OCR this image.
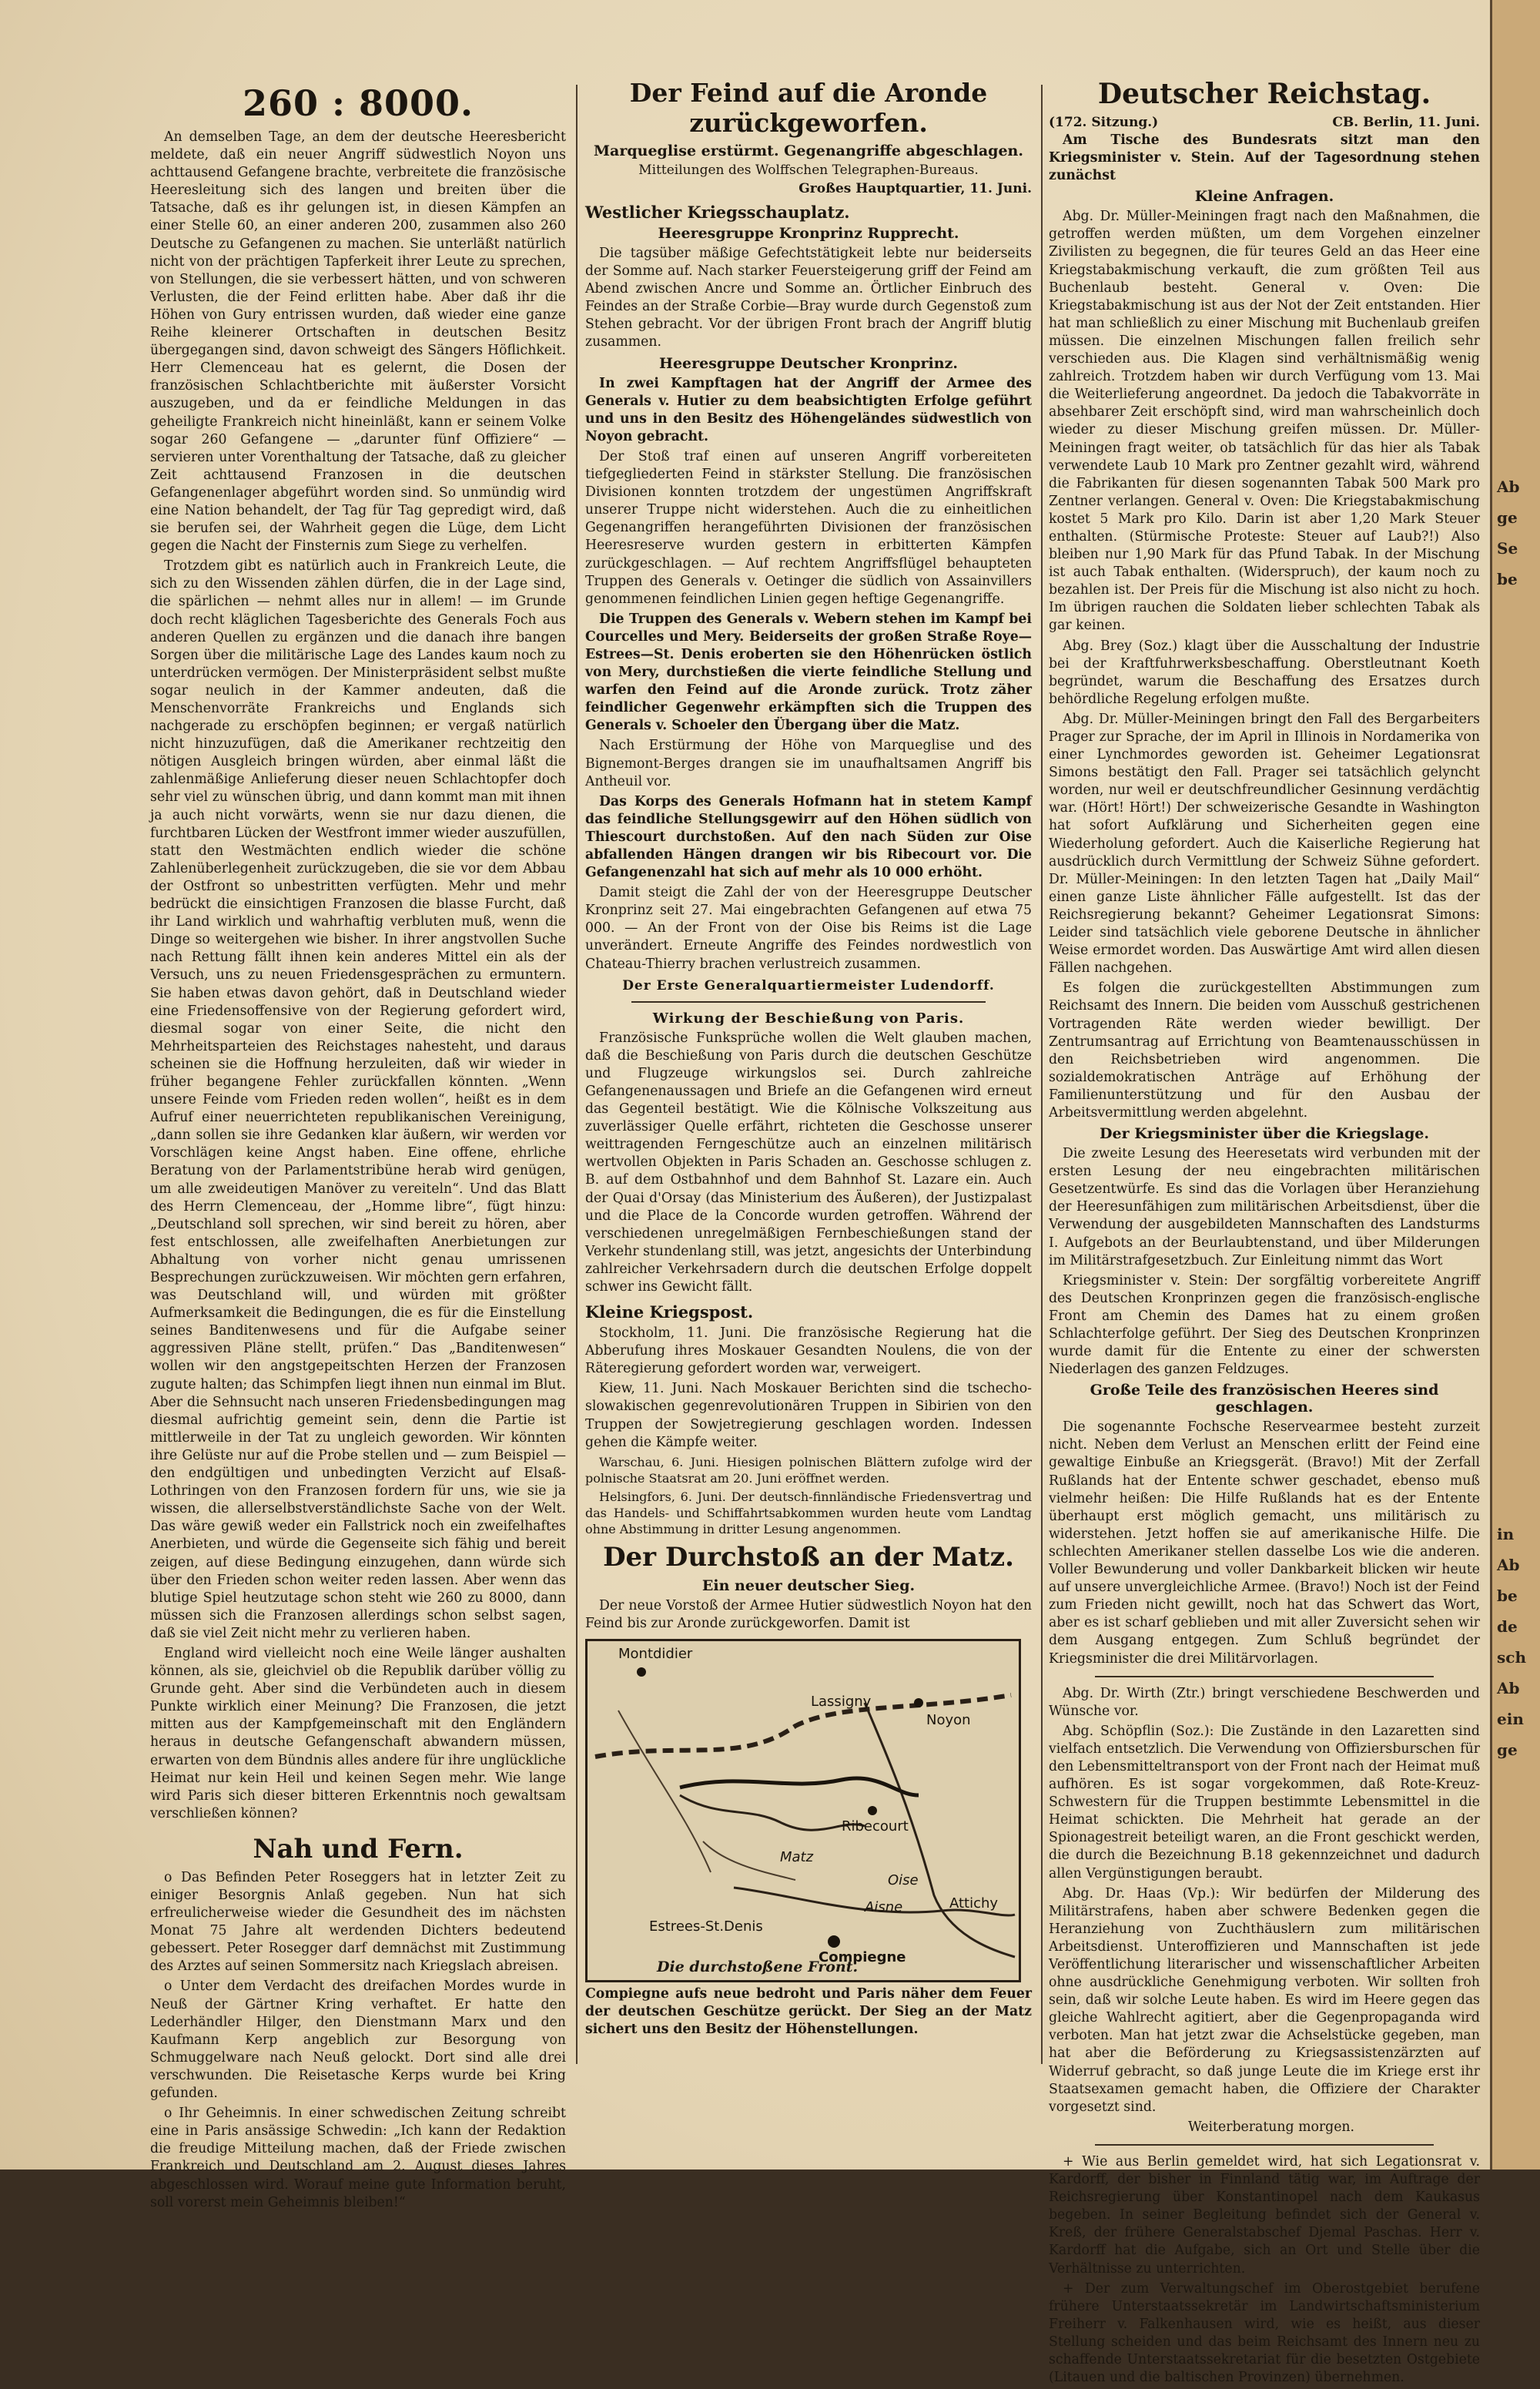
260 : 8000.

An demselben Tage, an dem der deutsche Heeresbericht meldete, daß ein neuer Angriff südwestlich Noyon uns achttausend Gefangene brachte, verbreitete die französische Heeresleitung sich des langen und breiten über die Tatsache, daß es ihr gelungen ist, in diesen Kämpfen an einer Stelle 60, an einer anderen 200, zusammen also 260 Deutsche zu Gefangenen zu machen. Sie unterläßt natürlich nicht von der prächtigen Tapferkeit ihrer Leute zu sprechen, von Stellungen, die sie verbessert hätten, und von schweren Verlusten, die der Feind erlitten habe. Aber daß ihr die Höhen von Gury entrissen wurden, daß wieder eine ganze Reihe kleinerer Ortschaften in deutschen Besitz übergegangen sind, davon schweigt des Sängers Höflichkeit. Herr Clemenceau hat es gelernt, die Dosen der französischen Schlachtberichte mit äußerster Vorsicht auszugeben, und da er feindliche Meldungen in das geheiligte Frankreich nicht hineinläßt, kann er seinem Volke sogar 260 Gefangene — „darunter fünf Offiziere“ — servieren unter Vorenthaltung der Tatsache, daß zu gleicher Zeit achttausend Franzosen in die deutschen Gefangenenlager abgeführt worden sind. So unmündig wird eine Nation behandelt, der Tag für Tag gepredigt wird, daß sie berufen sei, der Wahrheit gegen die Lüge, dem Licht gegen die Nacht der Finsternis zum Siege zu verhelfen.

Trotzdem gibt es natürlich auch in Frankreich Leute, die sich zu den Wissenden zählen dürfen, die in der Lage sind, die spärlichen — nehmt alles nur in allem! — im Grunde doch recht kläglichen Tagesberichte des Generals Foch aus anderen Quellen zu ergänzen und die danach ihre bangen Sorgen über die militärische Lage des Landes kaum noch zu unterdrücken vermögen. Der Ministerpräsident selbst mußte sogar neulich in der Kammer andeuten, daß die Menschenvorräte Frankreichs und Englands sich nachgerade zu erschöpfen beginnen; er vergaß natürlich nicht hinzuzufügen, daß die Amerikaner rechtzeitig den nötigen Ausgleich bringen würden, aber einmal läßt die zahlenmäßige Anlieferung dieser neuen Schlachtopfer doch sehr viel zu wünschen übrig, und dann kommt man mit ihnen ja auch nicht vorwärts, wenn sie nur dazu dienen, die furchtbaren Lücken der Westfront immer wieder auszufüllen, statt den Westmächten endlich wieder die schöne Zahlenüberlegenheit zurückzugeben, die sie vor dem Abbau der Ostfront so unbestritten verfügten. Mehr und mehr bedrückt die einsichtigen Franzosen die blasse Furcht, daß ihr Land wirklich und wahrhaftig verbluten muß, wenn die Dinge so weitergehen wie bisher. In ihrer angstvollen Suche nach Rettung fällt ihnen kein anderes Mittel ein als der Versuch, uns zu neuen Friedensgesprächen zu ermuntern. Sie haben etwas davon gehört, daß in Deutschland wieder eine Friedensoffensive von der Regierung gefordert wird, diesmal sogar von einer Seite, die nicht den Mehrheitsparteien des Reichstages nahesteht, und daraus scheinen sie die Hoffnung herzuleiten, daß wir wieder in früher begangene Fehler zurückfallen könnten. „Wenn unsere Feinde vom Frieden reden wollen“, heißt es in dem Aufruf einer neuerrichteten republikanischen Vereinigung, „dann sollen sie ihre Gedanken klar äußern, wir werden vor Vorschlägen keine Angst haben. Eine offene, ehrliche Beratung von der Parlamentstribüne herab wird genügen, um alle zweideutigen Manöver zu vereiteln“. Und das Blatt des Herrn Clemenceau, der „Homme libre“, fügt hinzu: „Deutschland soll sprechen, wir sind bereit zu hören, aber fest entschlossen, alle zweifelhaften Anerbietungen zur Abhaltung von vorher nicht genau umrissenen Besprechungen zurückzuweisen. Wir möchten gern erfahren, was Deutschland will, und würden mit größter Aufmerksamkeit die Bedingungen, die es für die Einstellung seines Banditenwesens und für die Aufgabe seiner aggressiven Pläne stellt, prüfen.“ Das „Banditenwesen“ wollen wir den angstgepeitschten Herzen der Franzosen zugute halten; das Schimpfen liegt ihnen nun einmal im Blut. Aber die Sehnsucht nach unseren Friedensbedingungen mag diesmal aufrichtig gemeint sein, denn die Partie ist mittlerweile in der Tat zu ungleich geworden. Wir könnten ihre Gelüste nur auf die Probe stellen und — zum Beispiel — den endgültigen und unbedingten Verzicht auf Elsaß-Lothringen von den Franzosen fordern für uns, wie sie ja wissen, die allerselbstverständlichste Sache von der Welt. Das wäre gewiß weder ein Fallstrick noch ein zweifelhaftes Anerbieten, und würde die Gegenseite sich fähig und bereit zeigen, auf diese Bedingung einzugehen, dann würde sich über den Frieden schon weiter reden lassen. Aber wenn das blutige Spiel heutzutage schon steht wie 260 zu 8000, dann müssen sich die Franzosen allerdings schon selbst sagen, daß sie viel Zeit nicht mehr zu verlieren haben.

England wird vielleicht noch eine Weile länger aushalten können, als sie, gleichviel ob die Republik darüber völlig zu Grunde geht. Aber sind die Verbündeten auch in diesem Punkte wirklich einer Meinung? Die Franzosen, die jetzt mitten aus der Kampfgemeinschaft mit den Engländern heraus in deutsche Gefangenschaft abwandern müssen, erwarten von dem Bündnis alles andere für ihre unglückliche Heimat nur kein Heil und keinen Segen mehr. Wie lange wird Paris sich dieser bitteren Erkenntnis noch gewaltsam verschließen können?

Nah und Fern.

o Das Befinden Peter Roseggers hat in letzter Zeit zu einiger Besorgnis Anlaß gegeben. Nun hat sich erfreulicherweise wieder die Gesundheit des im nächsten Monat 75 Jahre alt werdenden Dichters bedeutend gebessert. Peter Rosegger darf demnächst mit Zustimmung des Arztes auf seinen Sommersitz nach Kriegslach abreisen.

o Unter dem Verdacht des dreifachen Mordes wurde in Neuß der Gärtner Kring verhaftet. Er hatte den Lederhändler Hilger, den Dienstmann Marx und den Kaufmann Kerp angeblich zur Besorgung von Schmuggelware nach Neuß gelockt. Dort sind alle drei verschwunden. Die Reisetasche Kerps wurde bei Kring gefunden.

o Ihr Geheimnis. In einer schwedischen Zeitung schreibt eine in Paris ansässige Schwedin: „Ich kann der Redaktion die freudige Mitteilung machen, daß der Friede zwischen Frankreich und Deutschland am 2. August dieses Jahres abgeschlossen wird. Worauf meine gute Information beruht, soll vorerst mein Geheimnis bleiben!“

Der Feind auf die Aronde zurückgeworfen.
Marqueglise erstürmt. Gegenangriffe abgeschlagen.
Mitteilungen des Wolffschen Telegraphen-Bureaus.
Großes Hauptquartier, 11. Juni.
Westlicher Kriegsschauplatz.
Heeresgruppe Kronprinz Rupprecht.

Die tagsüber mäßige Gefechtstätigkeit lebte nur beiderseits der Somme auf. Nach starker Feuersteigerung griff der Feind am Abend zwischen Ancre und Somme an. Örtlicher Einbruch des Feindes an der Straße Corbie—Bray wurde durch Gegenstoß zum Stehen gebracht. Vor der übrigen Front brach der Angriff blutig zusammen.

Heeresgruppe Deutscher Kronprinz.

In zwei Kampftagen hat der Angriff der Armee des Generals v. Hutier zu dem beabsichtigten Erfolge geführt und uns in den Besitz des Höhengeländes südwestlich von Noyon gebracht.

Der Stoß traf einen auf unseren Angriff vorbereiteten tiefgegliederten Feind in stärkster Stellung. Die französischen Divisionen konnten trotzdem der ungestümen Angriffskraft unserer Truppe nicht widerstehen. Auch die zu einheitlichen Gegenangriffen herangeführten Divisionen der französischen Heeresreserve wurden gestern in erbitterten Kämpfen zurückgeschlagen. — Auf rechtem Angriffsflügel behaupteten Truppen des Generals v. Oetinger die südlich von Assainvillers genommenen feindlichen Linien gegen heftige Gegenangriffe.

Die Truppen des Generals v. Webern stehen im Kampf bei Courcelles und Mery. Beiderseits der großen Straße Roye—Estrees—St. Denis eroberten sie den Höhenrücken östlich von Mery, durchstießen die vierte feindliche Stellung und warfen den Feind auf die Aronde zurück. Trotz zäher feindlicher Gegenwehr erkämpften sich die Truppen des Generals v. Schoeler den Übergang über die Matz.

Nach Erstürmung der Höhe von Marqueglise und des Bignemont-Berges drangen sie im unaufhaltsamen Angriff bis Antheuil vor.

Das Korps des Generals Hofmann hat in stetem Kampf das feindliche Stellungsgewirr auf den Höhen südlich von Thiescourt durchstoßen. Auf den nach Süden zur Oise abfallenden Hängen drangen wir bis Ribecourt vor. Die Gefangenenzahl hat sich auf mehr als 10 000 erhöht.

Damit steigt die Zahl der von der Heeresgruppe Deutscher Kronprinz seit 27. Mai eingebrachten Gefangenen auf etwa 75 000. — An der Front von der Oise bis Reims ist die Lage unverändert. Erneute Angriffe des Feindes nordwestlich von Chateau-Thierry brachen verlustreich zusammen.

Der Erste Generalquartiermeister Ludendorff.
Wirkung der Beschießung von Paris.

Französische Funksprüche wollen die Welt glauben machen, daß die Beschießung von Paris durch die deutschen Geschütze und Flugzeuge wirkungslos sei. Durch zahlreiche Gefangenenaussagen und Briefe an die Gefangenen wird erneut das Gegenteil bestätigt. Wie die Kölnische Volkszeitung aus zuverlässiger Quelle erfährt, richteten die Geschosse unserer weittragenden Ferngeschütze auch an einzelnen militärisch wertvollen Objekten in Paris Schaden an. Geschosse schlugen z. B. auf dem Ostbahnhof und dem Bahnhof St. Lazare ein. Auch der Quai d'Orsay (das Ministerium des Äußeren), der Justizpalast und die Place de la Concorde wurden getroffen. Während der verschiedenen unregelmäßigen Fernbeschießungen stand der Verkehr stundenlang still, was jetzt, angesichts der Unterbindung zahlreicher Verkehrsadern durch die deutschen Erfolge doppelt schwer ins Gewicht fällt.

Kleine Kriegspost.

Stockholm, 11. Juni. Die französische Regierung hat die Abberufung ihres Moskauer Gesandten Noulens, die von der Räteregierung gefordert worden war, verweigert.

Kiew, 11. Juni. Nach Moskauer Berichten sind die tschecho-slowakischen gegenrevolutionären Truppen in Sibirien von den Truppen der Sowjetregierung geschlagen worden. Indessen gehen die Kämpfe weiter.

Warschau, 6. Juni. Hiesigen polnischen Blättern zufolge wird der polnische Staatsrat am 20. Juni eröffnet werden.

Helsingfors, 6. Juni. Der deutsch-finnländische Friedensvertrag und das Handels- und Schiffahrtsabkommen wurden heute vom Landtag ohne Abstimmung in dritter Lesung angenommen.

Der Durchstoß an der Matz.
Ein neuer deutscher Sieg.

Der neue Vorstoß der Armee Hutier südwestlich Noyon hat den Feind bis zur Aronde zurückgeworfen. Damit ist

Montdidier
Lassigny
Noyon
Ribecourt
Matz
Oise
Aisne	Attichy
Compiegne
Estrees-St.Denis
Die durchstoßene Front.

Compiegne aufs neue bedroht und Paris näher dem Feuer der deutschen Geschütze gerückt. Der Sieg an der Matz sichert uns den Besitz der Höhenstellungen.

Deutscher Reichstag.
(172. Sitzung.)	CB. Berlin, 11. Juni.

Am Tische des Bundesrats sitzt man den Kriegsminister v. Stein. Auf der Tagesordnung stehen zunächst

Kleine Anfragen.

Abg. Dr. Müller-Meiningen fragt nach den Maßnahmen, die getroffen werden müßten, um dem Vorgehen einzelner Zivilisten zu begegnen, die für teures Geld an das Heer eine Kriegstabakmischung verkauft, die zum größten Teil aus Buchenlaub besteht. General v. Oven: Die Kriegstabakmischung ist aus der Not der Zeit entstanden. Hier hat man schließlich zu einer Mischung mit Buchenlaub greifen müssen. Die einzelnen Mischungen fallen freilich sehr verschieden aus. Die Klagen sind verhältnismäßig wenig zahlreich. Trotzdem haben wir durch Verfügung vom 13. Mai die Weiterlieferung angeordnet. Da jedoch die Tabakvorräte in absehbarer Zeit erschöpft sind, wird man wahrscheinlich doch wieder zu dieser Mischung greifen müssen. Dr. Müller-Meiningen fragt weiter, ob tatsächlich für das hier als Tabak verwendete Laub 10 Mark pro Zentner gezahlt wird, während die Fabrikanten für diesen sogenannten Tabak 500 Mark pro Zentner verlangen. General v. Oven: Die Kriegstabakmischung kostet 5 Mark pro Kilo. Darin ist aber 1,20 Mark Steuer enthalten. (Stürmische Proteste: Steuer auf Laub?!) Also bleiben nur 1,90 Mark für das Pfund Tabak. In der Mischung ist auch Tabak enthalten. (Widerspruch), der kaum noch zu bezahlen ist. Der Preis für die Mischung ist also nicht zu hoch. Im übrigen rauchen die Soldaten lieber schlechten Tabak als gar keinen.

Abg. Brey (Soz.) klagt über die Ausschaltung der Industrie bei der Kraftfuhrwerksbeschaffung. Oberstleutnant Koeth begründet, warum die Beschaffung des Ersatzes durch behördliche Regelung erfolgen mußte.

Abg. Dr. Müller-Meiningen bringt den Fall des Bergarbeiters Prager zur Sprache, der im April in Illinois in Nordamerika von einer Lynchmordes geworden ist. Geheimer Legationsrat Simons bestätigt den Fall. Prager sei tatsächlich gelyncht worden, nur weil er deutschfreundlicher Gesinnung verdächtig war. (Hört! Hört!) Der schweizerische Gesandte in Washington hat sofort Aufklärung und Sicherheiten gegen eine Wiederholung gefordert. Auch die Kaiserliche Regierung hat ausdrücklich durch Vermittlung der Schweiz Sühne gefordert. Dr. Müller-Meiningen: In den letzten Tagen hat „Daily Mail“ einen ganze Liste ähnlicher Fälle aufgestellt. Ist das der Reichsregierung bekannt? Geheimer Legationsrat Simons: Leider sind tatsächlich viele geborene Deutsche in ähnlicher Weise ermordet worden. Das Auswärtige Amt wird allen diesen Fällen nachgehen.

Es folgen die zurückgestellten Abstimmungen zum Reichsamt des Innern. Die beiden vom Ausschuß gestrichenen Vortragenden Räte werden wieder bewilligt. Der Zentrumsantrag auf Errichtung von Beamtenausschüssen in den Reichsbetrieben wird angenommen. Die sozialdemokratischen Anträge auf Erhöhung der Familienunterstützung und für den Ausbau der Arbeitsvermittlung werden abgelehnt.

Der Kriegsminister über die Kriegslage.

Die zweite Lesung des Heeresetats wird verbunden mit der ersten Lesung der neu eingebrachten militärischen Gesetzentwürfe. Es sind das die Vorlagen über Heranziehung der Heeresunfähigen zum militärischen Arbeitsdienst, über die Verwendung der ausgebildeten Mannschaften des Landsturms I. Aufgebots an der Beurlaubtenstand, und über Milderungen im Militärstrafgesetzbuch. Zur Einleitung nimmt das Wort

Kriegsminister v. Stein: Der sorgfältig vorbereitete Angriff des Deutschen Kronprinzen gegen die französisch-englische Front am Chemin des Dames hat zu einem großen Schlachterfolge geführt. Der Sieg des Deutschen Kronprinzen wurde damit für die Entente zu einer der schwersten Niederlagen des ganzen Feldzuges.

Große Teile des französischen Heeres sind geschlagen.

Die sogenannte Fochsche Reservearmee besteht zurzeit nicht. Neben dem Verlust an Menschen erlitt der Feind eine gewaltige Einbuße an Kriegsgerät. (Bravo!) Mit der Zerfall Rußlands hat der Entente schwer geschadet, ebenso muß vielmehr heißen: Die Hilfe Rußlands hat es der Entente überhaupt erst möglich gemacht, uns militärisch zu widerstehen. Jetzt hoffen sie auf amerikanische Hilfe. Die schlechten Amerikaner stellen dasselbe Los wie die anderen. Voller Bewunderung und voller Dankbarkeit blicken wir heute auf unsere unvergleichliche Armee. (Bravo!) Noch ist der Feind zum Frieden nicht gewillt, noch hat das Schwert das Wort, aber es ist scharf geblieben und mit aller Zuversicht sehen wir dem Ausgang entgegen. Zum Schluß begründet der Kriegsminister die drei Militärvorlagen.

Abg. Dr. Wirth (Ztr.) bringt verschiedene Beschwerden und Wünsche vor.

Abg. Schöpflin (Soz.): Die Zustände in den Lazaretten sind vielfach entsetzlich. Die Verwendung von Offiziersburschen für den Lebensmitteltransport von der Front nach der Heimat muß aufhören. Es ist sogar vorgekommen, daß Rote-Kreuz-Schwestern für die Truppen bestimmte Lebensmittel in die Heimat schickten. Die Mehrheit hat gerade an der Spionagestreit beteiligt waren, an die Front geschickt werden, die durch die Bezeichnung B.18 gekennzeichnet und dadurch allen Vergünstigungen beraubt.

Abg. Dr. Haas (Vp.): Wir bedürfen der Milderung des Militärstrafens, haben aber schwere Bedenken gegen die Heranziehung von Zuchthäuslern zum militärischen Arbeitsdienst. Unteroffizieren und Mannschaften ist jede Veröffentlichung literarischer und wissenschaftlicher Arbeiten ohne ausdrückliche Genehmigung verboten. Wir sollten froh sein, daß wir solche Leute haben. Es wird im Heere gegen das gleiche Wahlrecht agitiert, aber die Gegenpropaganda wird verboten. Man hat jetzt zwar die Achselstücke gegeben, man hat aber die Beförderung zu Kriegsassistenzärzten auf Widerruf gebracht, so daß junge Leute die im Kriege erst ihr Staatsexamen gemacht haben, die Offiziere der Charakter vorgesetzt sind.

Weiterberatung morgen.

+ Wie aus Berlin gemeldet wird, hat sich Legationsrat v. Kardorff, der bisher in Finnland tätig war, im Auftrage der Reichsregierung über Konstantinopel nach dem Kaukasus begeben. In seiner Begleitung befindet sich der General v. Kreß, der frühere Generalstabschef Djemal Paschas. Herr v. Kardorff hat die Aufgabe, sich an Ort und Stelle über die Verhältnisse zu unterrichten.

+ Der zum Verwaltungschef im Oberostgebiet berufene frühere Unterstaatssekretär im Landwirtschaftsministerium Freiherr v. Falkenhausen wird, wie es heißt, aus dieser Stellung scheiden und das beim Reichsamt des Innern neu zu schaffende Unterstaatssekretariat für die besetzten Ostgebiete (Litauen und die baltischen Provinzen) übernehmen.

Ab
ge
Se
be
in
Ab
be
de
sch
Ab
ein
ge
